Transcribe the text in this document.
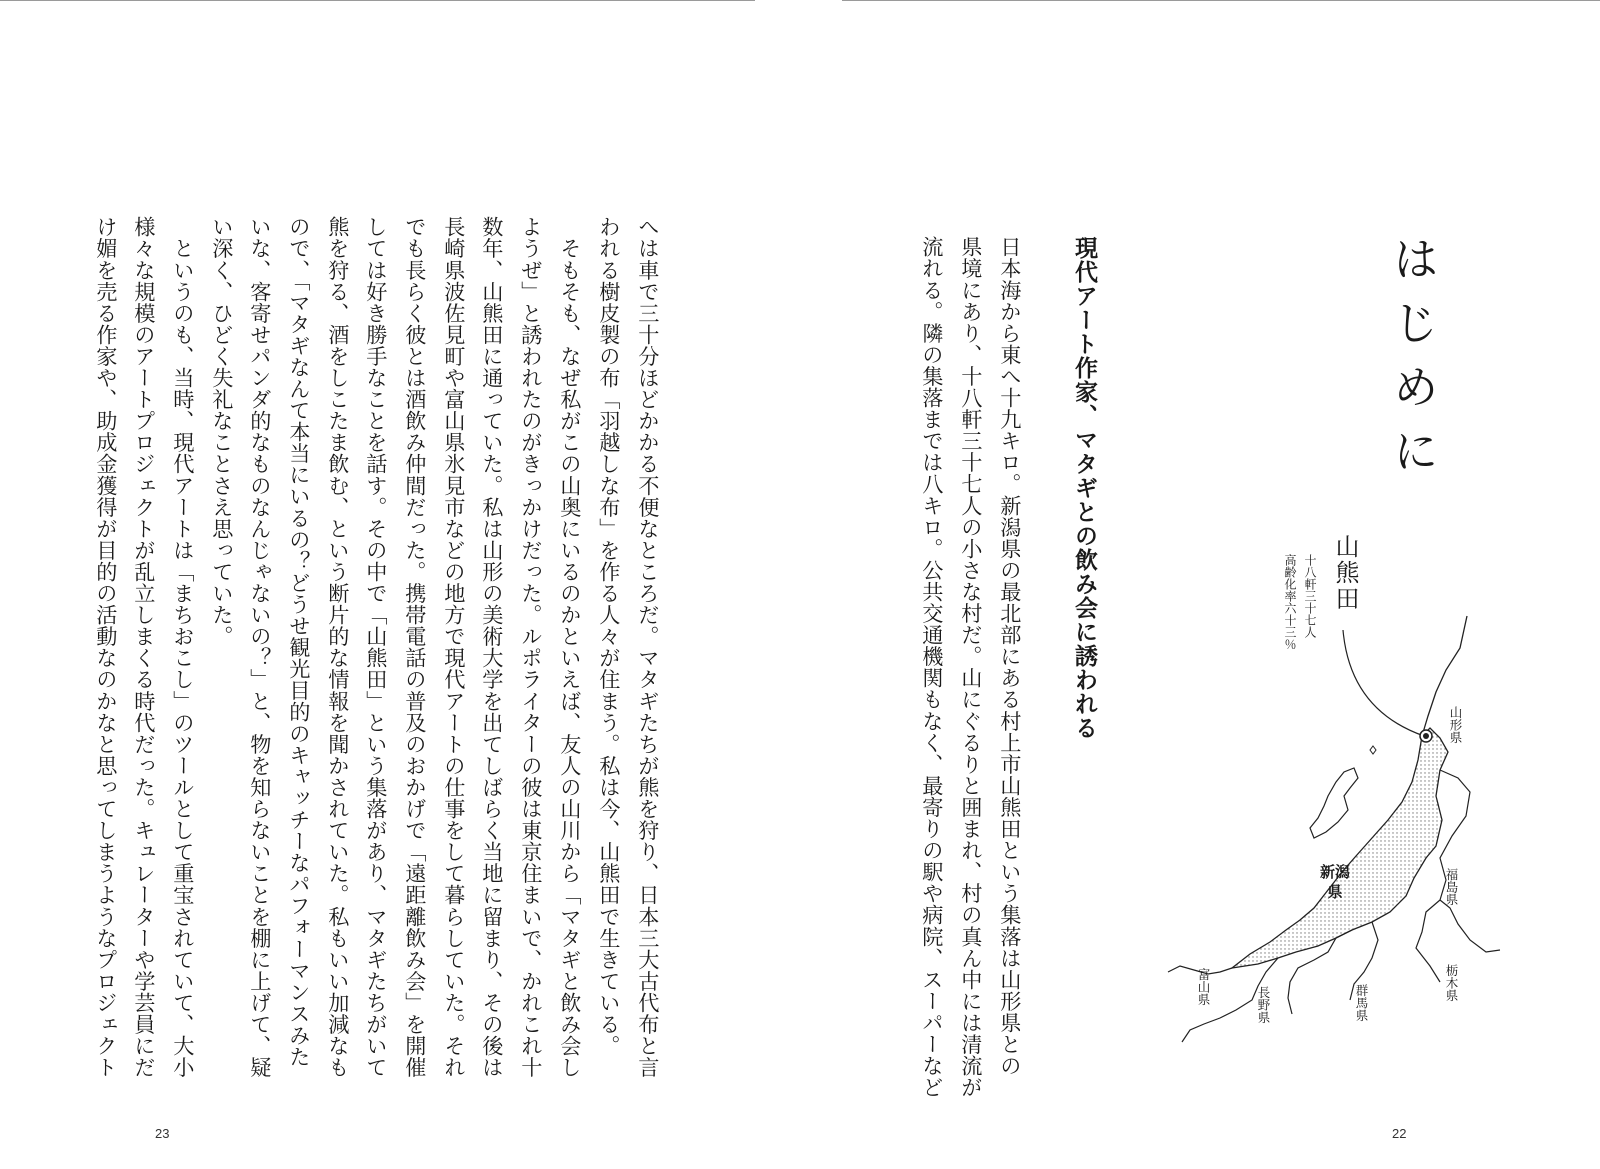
へは車で三十分ほどかかる不便なところだ。マタギたちが熊を狩り、日本三大古代布と言
われる樹皮製の布「羽越しな布」を作る人々が住まう。私は今、山熊田で生きている。
　そもそも、なぜ私がこの山奥にいるのかといえば、友人の山川から「マタギと飲み会し
ようぜ」と誘われたのがきっかけだった。ルポライターの彼は東京住まいで、かれこれ十
数年、山熊田に通っていた。私は山形の美術大学を出てしばらく当地に留まり、その後は
長崎県波佐見町や富山県氷見市などの地方で現代アートの仕事をして暮らしていた。それ
でも長らく彼とは酒飲み仲間だった。携帯電話の普及のおかげで「遠距離飲み会」を開催
しては好き勝手なことを話す。その中で「山熊田」という集落があり、マタギたちがいて
熊を狩る、酒をしこたま飲む、という断片的な情報を聞かされていた。私もいい加減なも
ので、「マタギなんて本当にいるの？どうせ観光目的のキャッチーなパフォーマンスみた
いな、客寄せパンダ的なものなんじゃないの？」と、物を知らないことを棚に上げて、疑
い深く、ひどく失礼なことさえ思っていた。
　というのも、当時、現代アートは「まちおこし」のツールとして重宝されていて、大小
様々な規模のアートプロジェクトが乱立しまくる時代だった。キュレーターや学芸員にだ
け媚を売る作家や、助成金獲得が目的の活動なのかなと思ってしまうようなプロジェクト
23
はじめに
現代アート作家、マタギとの飲み会に誘われる
日本海から東へ十九キロ。新潟県の最北部にある村上市山熊田という集落は山形県との
県境にあり、十八軒三十七人の小さな村だ。山にぐるりと囲まれ、村の真ん中には清流が
流れる。隣の集落までは八キロ。公共交通機関もなく、最寄りの駅や病院、スーパーなど	山熊田
十八軒三十七人
高齢化率六十三％
山形県
福島県
栃木県
群馬県
長野県
富山県
新潟県
22
